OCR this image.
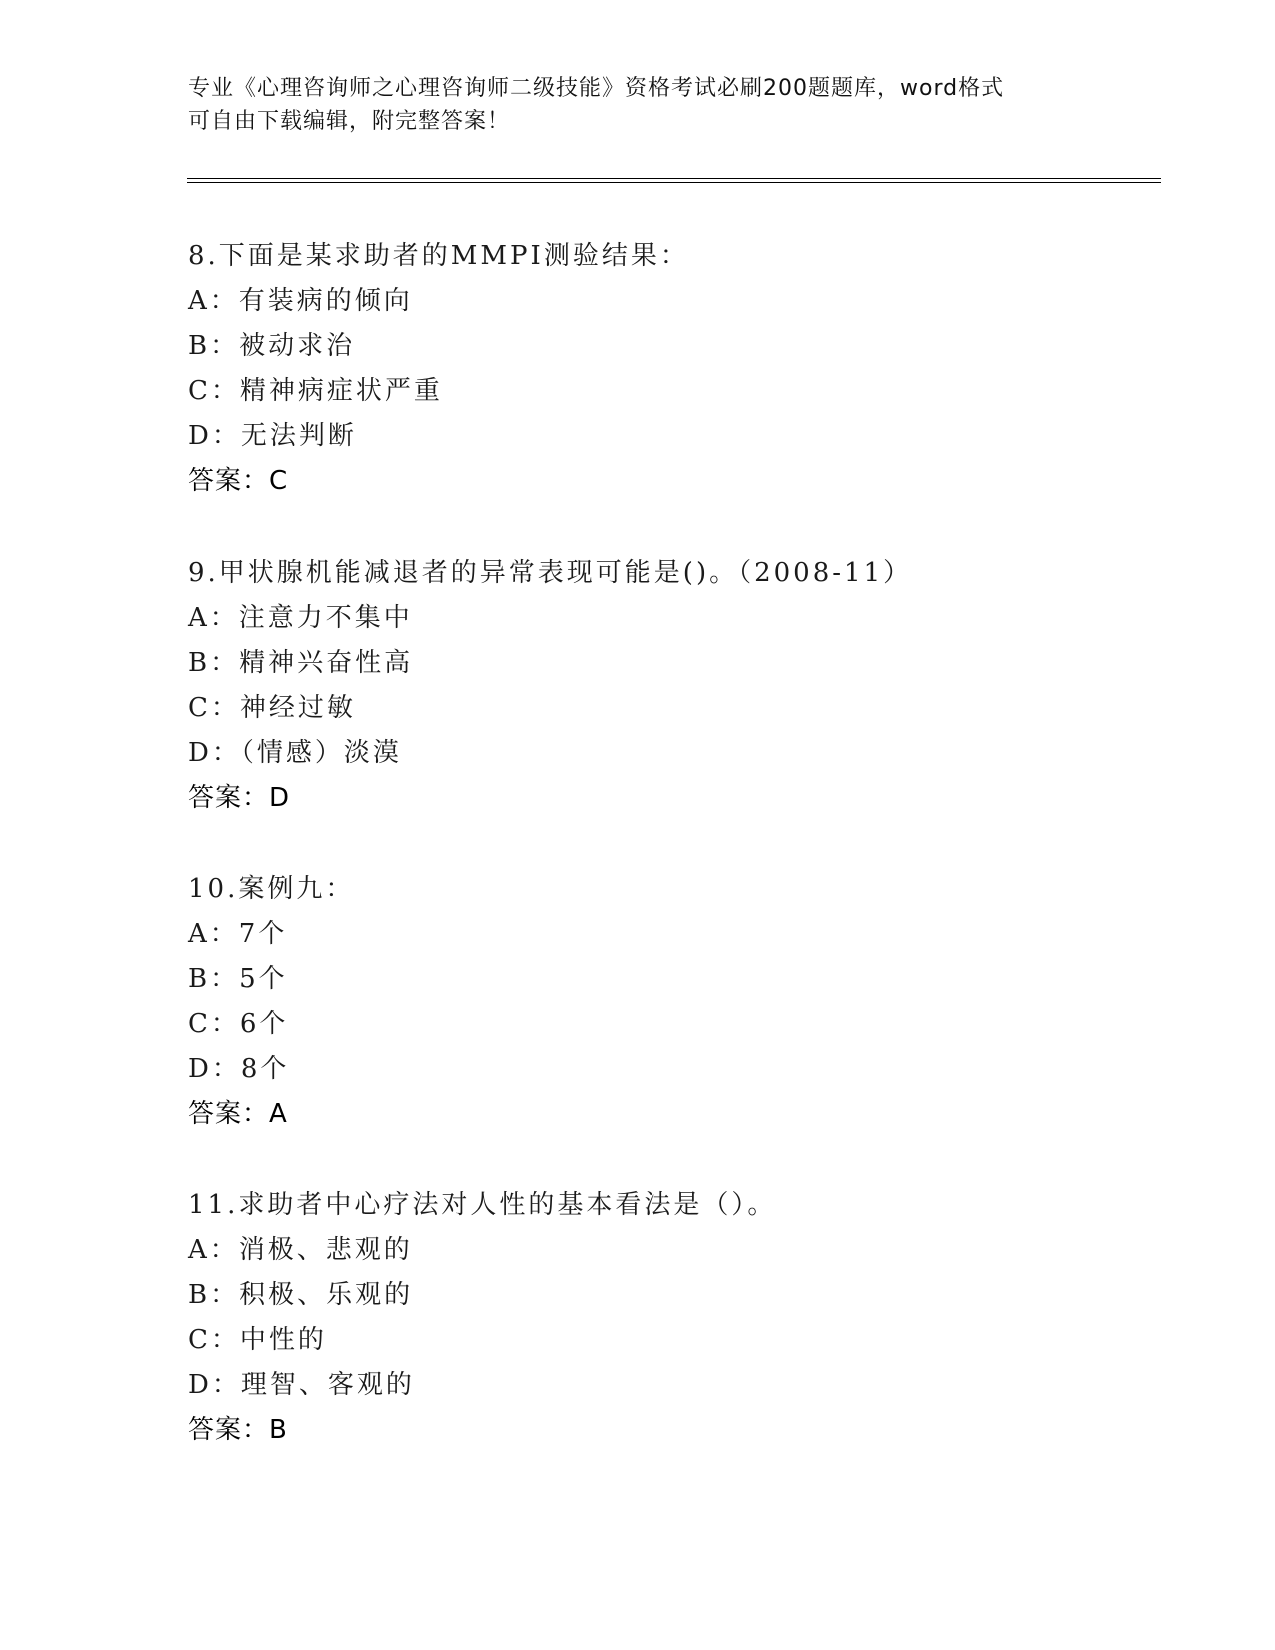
专业《心理咨询师之心理咨询师二级技能》资格考试必刷200题题库，word格式
可自由下载编辑，附完整答案！
8.下面是某求助者的MMPI测验结果：
A：有装病的倾向
B：被动求治
C：精神病症状严重
D：无法判断
答案：C
9.甲状腺机能减退者的异常表现可能是()。（2008-11）
A：注意力不集中
B：精神兴奋性高
C：神经过敏
D：（情感）淡漠
答案：D
10.案例九：
A：7个
B：5个
C：6个
D：8个
答案：A
11.求助者中心疗法对人性的基本看法是（）。
A：消极、悲观的
B：积极、乐观的
C：中性的
D：理智、客观的
答案：B
